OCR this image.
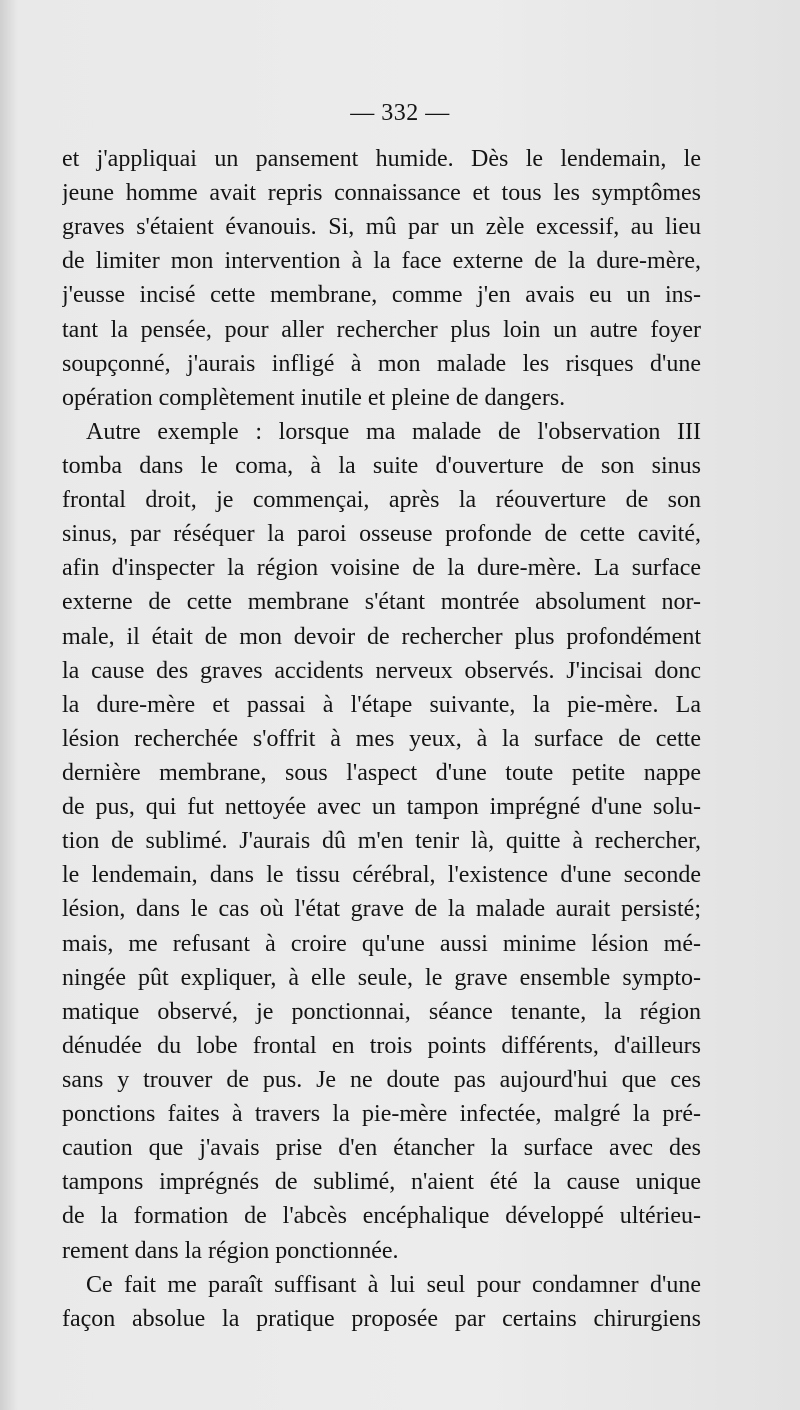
— 332 —
et j'appliquai un pansement humide. Dès le lendemain, le
jeune homme avait repris connaissance et tous les symptômes
graves s'étaient évanouis. Si, mû par un zèle excessif, au lieu
de limiter mon intervention à la face externe de la dure-mère,
j'eusse incisé cette membrane, comme j'en avais eu un ins-
tant la pensée, pour aller rechercher plus loin un autre foyer
soupçonné, j'aurais infligé à mon malade les risques d'une
opération complètement inutile et pleine de dangers.
Autre exemple : lorsque ma malade de l'observation III
tomba dans le coma, à la suite d'ouverture de son sinus
frontal droit, je commençai, après la réouverture de son
sinus, par réséquer la paroi osseuse profonde de cette cavité,
afin d'inspecter la région voisine de la dure-mère. La surface
externe de cette membrane s'étant montrée absolument nor-
male, il était de mon devoir de rechercher plus profondément
la cause des graves accidents nerveux observés. J'incisai donc
la dure-mère et passai à l'étape suivante, la pie-mère. La
lésion recherchée s'offrit à mes yeux, à la surface de cette
dernière membrane, sous l'aspect d'une toute petite nappe
de pus, qui fut nettoyée avec un tampon imprégné d'une solu-
tion de sublimé. J'aurais dû m'en tenir là, quitte à rechercher,
le lendemain, dans le tissu cérébral, l'existence d'une seconde
lésion, dans le cas où l'état grave de la malade aurait persisté;
mais, me refusant à croire qu'une aussi minime lésion mé-
ningée pût expliquer, à elle seule, le grave ensemble sympto-
matique observé, je ponctionnai, séance tenante, la région
dénudée du lobe frontal en trois points différents, d'ailleurs
sans y trouver de pus. Je ne doute pas aujourd'hui que ces
ponctions faites à travers la pie-mère infectée, malgré la pré-
caution que j'avais prise d'en étancher la surface avec des
tampons imprégnés de sublimé, n'aient été la cause unique
de la formation de l'abcès encéphalique développé ultérieu-
rement dans la région ponctionnée.
Ce fait me paraît suffisant à lui seul pour condamner d'une
façon absolue la pratique proposée par certains chirurgiens
